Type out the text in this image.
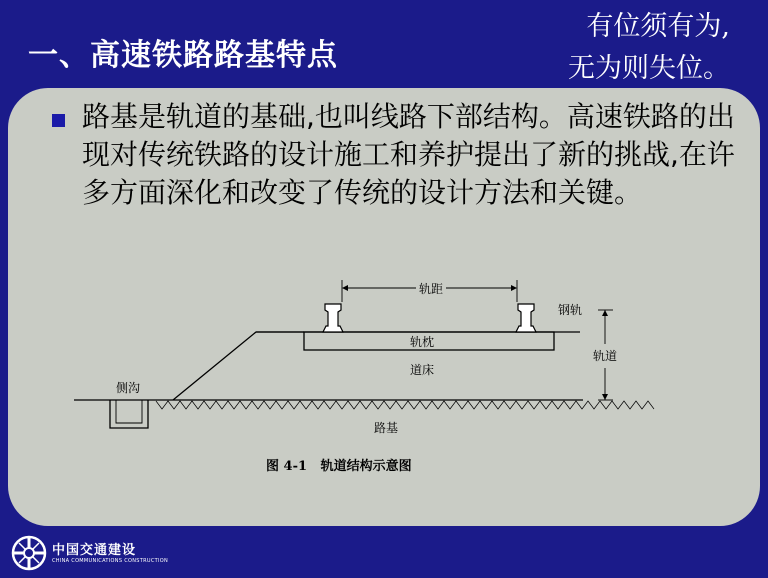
一、高速铁路路基特点
有位须有为,
无为则失位。
路基是轨道的基础,也叫线路下部结构。高速铁路的出现对传统铁路的设计施工和养护提出了新的挑战,在许多方面深化和改变了传统的设计方法和关键。
轨距
钢轨
轨枕
道床
轨道
侧沟
路基
图 4-1   轨道结构示意图
中国交通建设
CHINA COMMUNICATIONS CONSTRUCTION
